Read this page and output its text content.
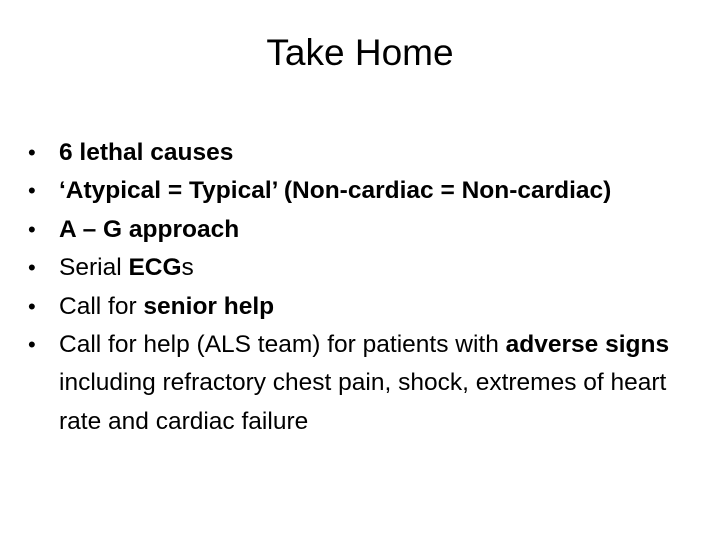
Take Home
• 6 lethal causes
• ‘Atypical = Typical’ (Non-cardiac = Non-cardiac)
• A – G approach
• Serial ECGs
• Call for senior help
• Call for help (ALS team) for patients with adverse signs including refractory chest pain, shock, extremes of heart rate and cardiac failure
